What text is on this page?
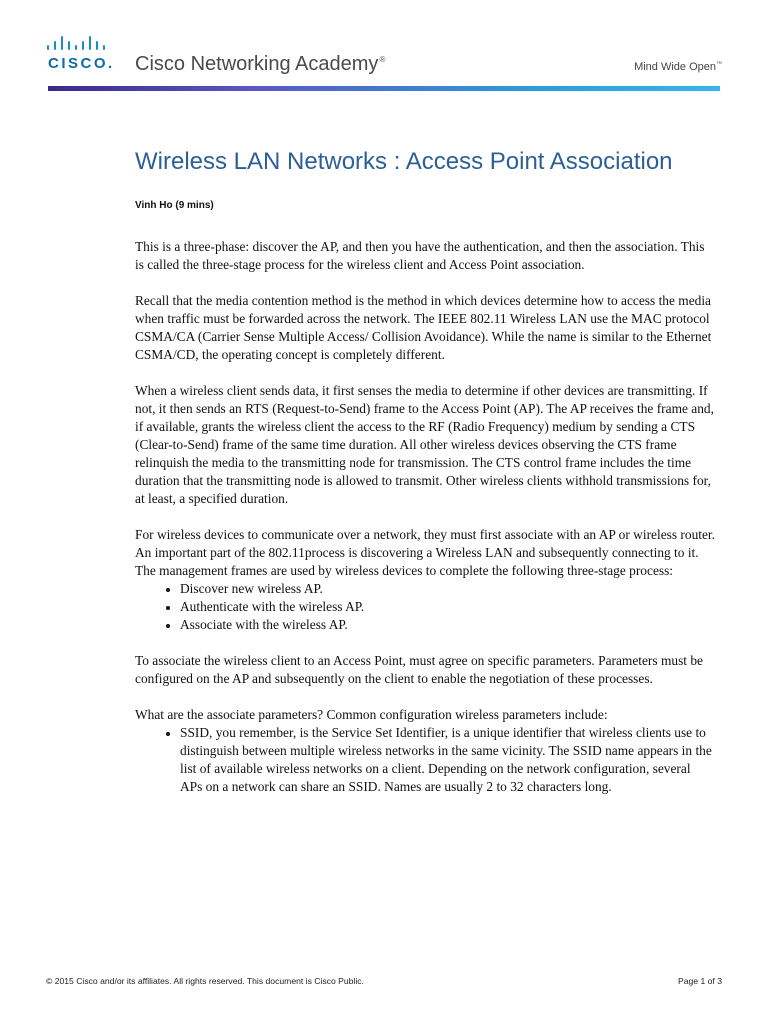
CISCO. Cisco Networking Academy®

Mind Wide Open™

Wireless LAN Networks : Access Point Association

Vinh Ho (9 mins)

This is a three-phase: discover the AP, and then you have the authentication, and then the association. This is called the three-stage process for the wireless client and Access Point association.

Recall that the media contention method is the method in which devices determine how to access the media when traffic must be forwarded across the network. The IEEE 802.11 Wireless LAN use the MAC protocol CSMA/CA (Carrier Sense Multiple Access/ Collision Avoidance). While the name is similar to the Ethernet CSMA/CD, the operating concept is completely different.

When a wireless client sends data, it first senses the media to determine if other devices are transmitting. If not, it then sends an RTS (Request-to-Send) frame to the Access Point (AP). The AP receives the frame and, if available, grants the wireless client the access to the RF (Radio Frequency) medium by sending a CTS (Clear-to-Send) frame of the same time duration. All other wireless devices observing the CTS frame relinquish the media to the transmitting node for transmission. The CTS control frame includes the time duration that the transmitting node is allowed to transmit. Other wireless clients withhold transmissions for, at least, a specified duration.

For wireless devices to communicate over a network, they must first associate with an AP or wireless router. An important part of the 802.11process is discovering a Wireless LAN and subsequently connecting to it. The management frames are used by wireless devices to complete the following three-stage process:

• Discover new wireless AP.
• Authenticate with the wireless AP.
• Associate with the wireless AP.

To associate the wireless client to an Access Point, must agree on specific parameters. Parameters must be configured on the AP and subsequently on the client to enable the negotiation of these processes.

What are the associate parameters? Common configuration wireless parameters include:

• SSID, you remember, is the Service Set Identifier, is a unique identifier that wireless clients use to distinguish between multiple wireless networks in the same vicinity. The SSID name appears in the list of available wireless networks on a client. Depending on the network configuration, several APs on a network can share an SSID. Names are usually 2 to 32 characters long.

© 2015 Cisco and/or its affiliates. All rights reserved. This document is Cisco Public.	Page 1 of 3
